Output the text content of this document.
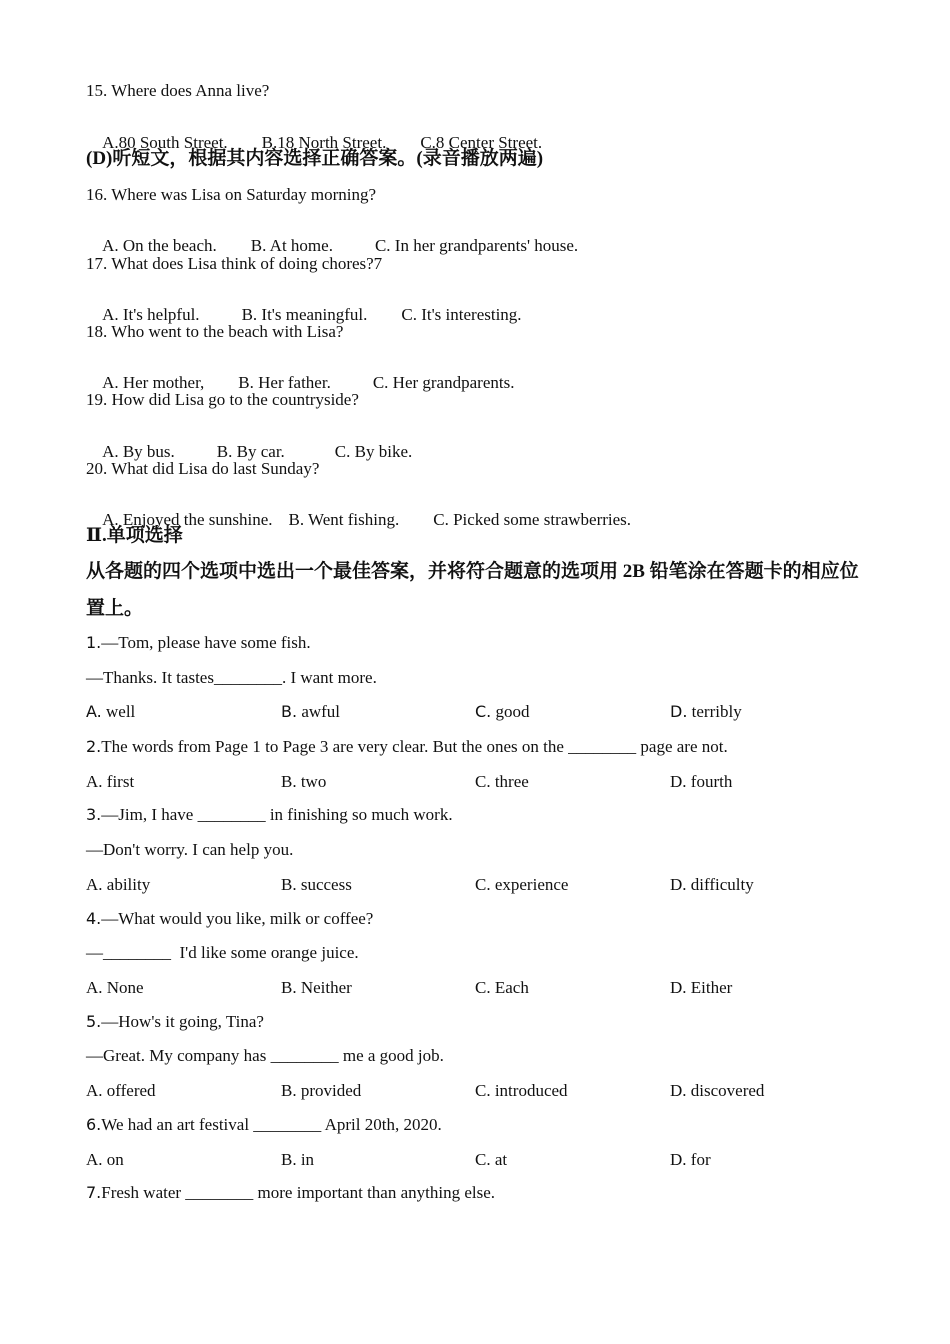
15. Where does Anna live?

A.80 South Street. B.18 North Street. C.8 Center Street.

(D)听短文，根据其内容选择正确答案。(录音播放两遍)
16. Where was Lisa on Saturday morning?

A. On the beach. B. At home. C. In her grandparents' house.

17. What does Lisa think of doing chores?7

A. It's helpful. B. It's meaningful. C. It's interesting.

18. Who went to the beach with Lisa?

A. Her mother, B. Her father. C. Her grandparents.

19. How did Lisa go to the countryside?

A. By bus. B. By car.	C. By bike.

20. What did Lisa do last Sunday?

A. Enjoyed the sunshine. B. Went fishing. C. Picked some strawberries.

Ⅱ.单项选择
从各题的四个选项中选出一个最佳答案，并将符合题意的选项用 2B 铅笔涂在答题卡的相应位
置上。
1.—Tom, please have some fish.
—Thanks. It tastes________. I want more.
A. well	B. awful	C. good	D. terribly
2.The words from Page 1 to Page 3 are very clear. But the ones on the ________ page are not.
A. first	B. two	C. three	D. fourth
3.—Jim, I have ________ in finishing so much work.
—Don't worry. I can help you.
A. ability	B. success	C. experience	D. difficulty
4.—What would you like, milk or coffee?
—________  I'd like some orange juice.
A. None	B. Neither	C. Each	D. Either
5.—How's it going, Tina?
—Great. My company has ________ me a good job.
A. offered	B. provided	C. introduced	D. discovered
6.We had an art festival ________ April 20th, 2020.
A. on	B. in	C. at	D. for
7.Fresh water ________ more important than anything else.
